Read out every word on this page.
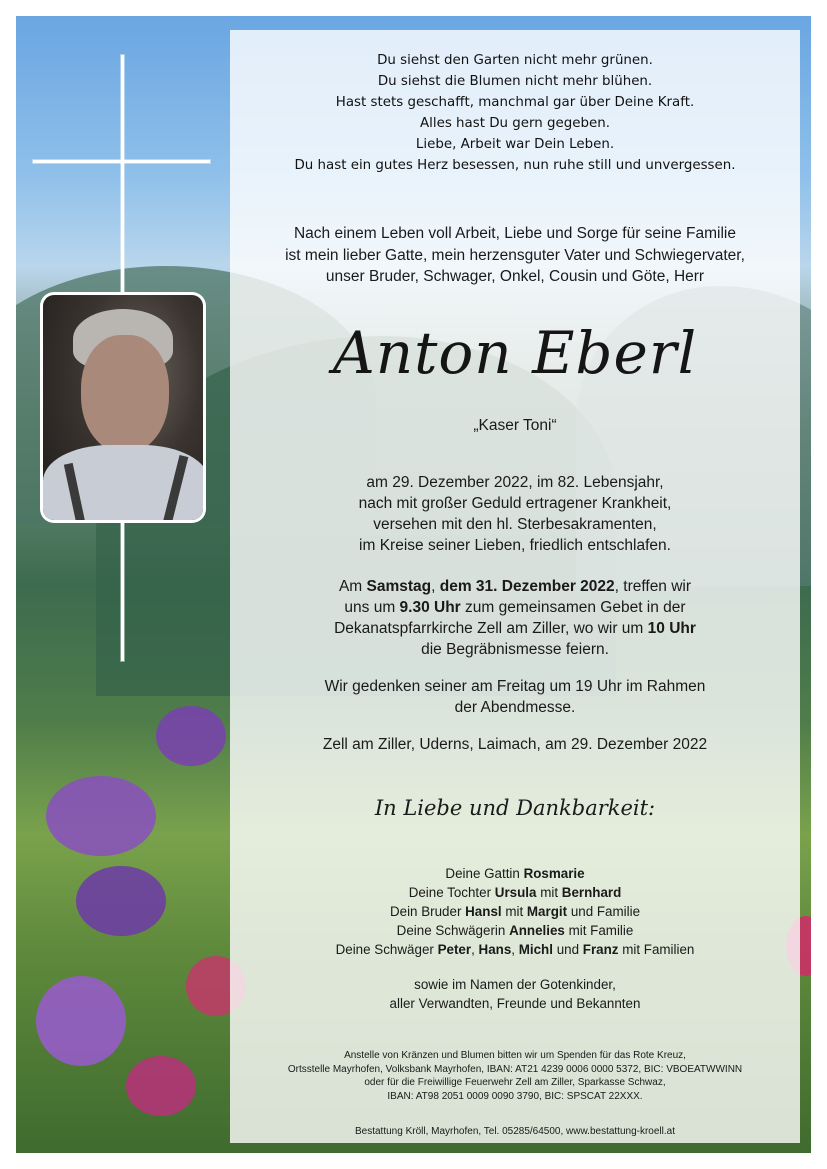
Du siehst den Garten nicht mehr grünen.
Du siehst die Blumen nicht mehr blühen.
Hast stets geschafft, manchmal gar über Deine Kraft.
Alles hast Du gern gegeben.
Liebe, Arbeit war Dein Leben.
Du hast ein gutes Herz besessen, nun ruhe still und unvergessen.
Nach einem Leben voll Arbeit, Liebe und Sorge für seine Familie
ist mein lieber Gatte, mein herzensguter Vater und Schwiegervater,
unser Bruder, Schwager, Onkel, Cousin und Göte, Herr
Anton Eberl
„Kaser Toni“
am 29. Dezember 2022, im 82. Lebensjahr,
nach mit großer Geduld ertragener Krankheit,
versehen mit den hl. Sterbesakramenten,
im Kreise seiner Lieben, friedlich entschlafen.
Am Samstag, dem 31. Dezember 2022, treffen wir
uns um 9.30 Uhr zum gemeinsamen Gebet in der
Dekanatspfarrkirche Zell am Ziller, wo wir um 10 Uhr
die Begräbnismesse feiern.
Wir gedenken seiner am Freitag um 19 Uhr im Rahmen
der Abendmesse.
Zell am Ziller, Uderns, Laimach, am 29. Dezember 2022
In Liebe und Dankbarkeit:
Deine Gattin Rosmarie
Deine Tochter Ursula mit Bernhard
Dein Bruder Hansl mit Margit und Familie
Deine Schwägerin Annelies mit Familie
Deine Schwäger Peter, Hans, Michl und Franz mit Familien
sowie im Namen der Gotenkinder,
aller Verwandten, Freunde und Bekannten
Anstelle von Kränzen und Blumen bitten wir um Spenden für das Rote Kreuz,
Ortsstelle Mayrhofen, Volksbank Mayrhofen, IBAN: AT21 4239 0006 0000 5372, BIC: VBOEATWWINN
oder für die Freiwillige Feuerwehr Zell am Ziller, Sparkasse Schwaz,
IBAN: AT98 2051 0009 0090 3790, BIC: SPSCAT 22XXX.
Bestattung Kröll, Mayrhofen, Tel. 05285/64500, www.bestattung-kroell.at
